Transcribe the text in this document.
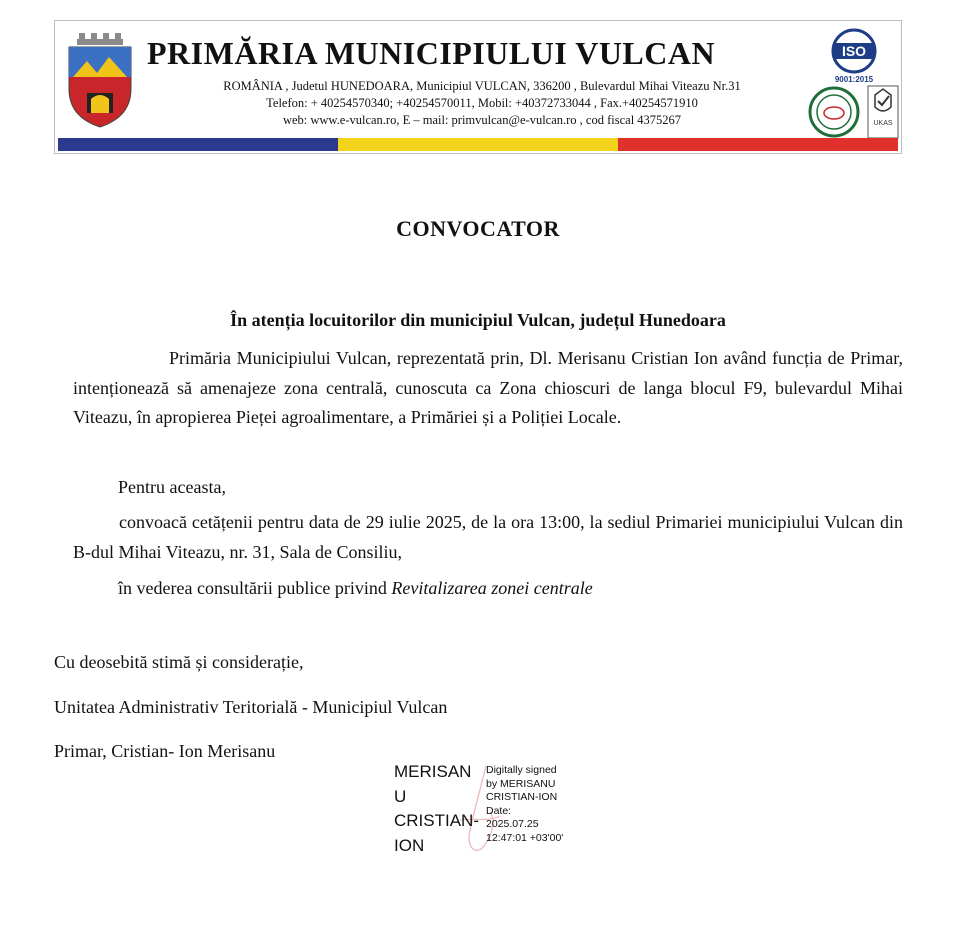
PRIMĂRIA MUNICIPIULUI VULCAN
ROMÂNIA , Judetul HUNEDOARA, Municipiul VULCAN, 336200 , Bulevardul Mihai Viteazu Nr.31
Telefon: + 40254570340; +40254570011, Mobil: +40372733044 , Fax.+40254571910
web: www.e-vulcan.ro, E – mail: primvulcan@e-vulcan.ro , cod fiscal 4375267
ISO
9001:2015
UKAS
CONVOCATOR
În atenția locuitorilor din municipiul Vulcan, județul Hunedoara
Primăria Municipiului Vulcan, reprezentată prin, Dl. Merisanu Cristian Ion având funcția de Primar, intenționează să amenajeze zona centrală, cunoscuta ca Zona chioscuri de langa blocul F9, bulevardul Mihai Viteazu, în apropierea Pieței agroalimentare, a Primăriei și a Poliției Locale.
Pentru aceasta,
convoacă cetățenii pentru data de 29 iulie 2025, de la ora 13:00, la sediul Primariei municipiului Vulcan din B-dul Mihai Viteazu, nr. 31, Sala de Consiliu,
în vederea consultării publice privind Revitalizarea zonei centrale
Cu deosebită stimă și considerație,
Unitatea Administrativ Teritorială - Municipiul Vulcan
Primar, Cristian- Ion Merisanu
MERISAN
U
CRISTIAN-
ION
Digitally signed
by MERISANU
CRISTIAN-ION
Date:
2025.07.25
12:47:01 +03'00'
